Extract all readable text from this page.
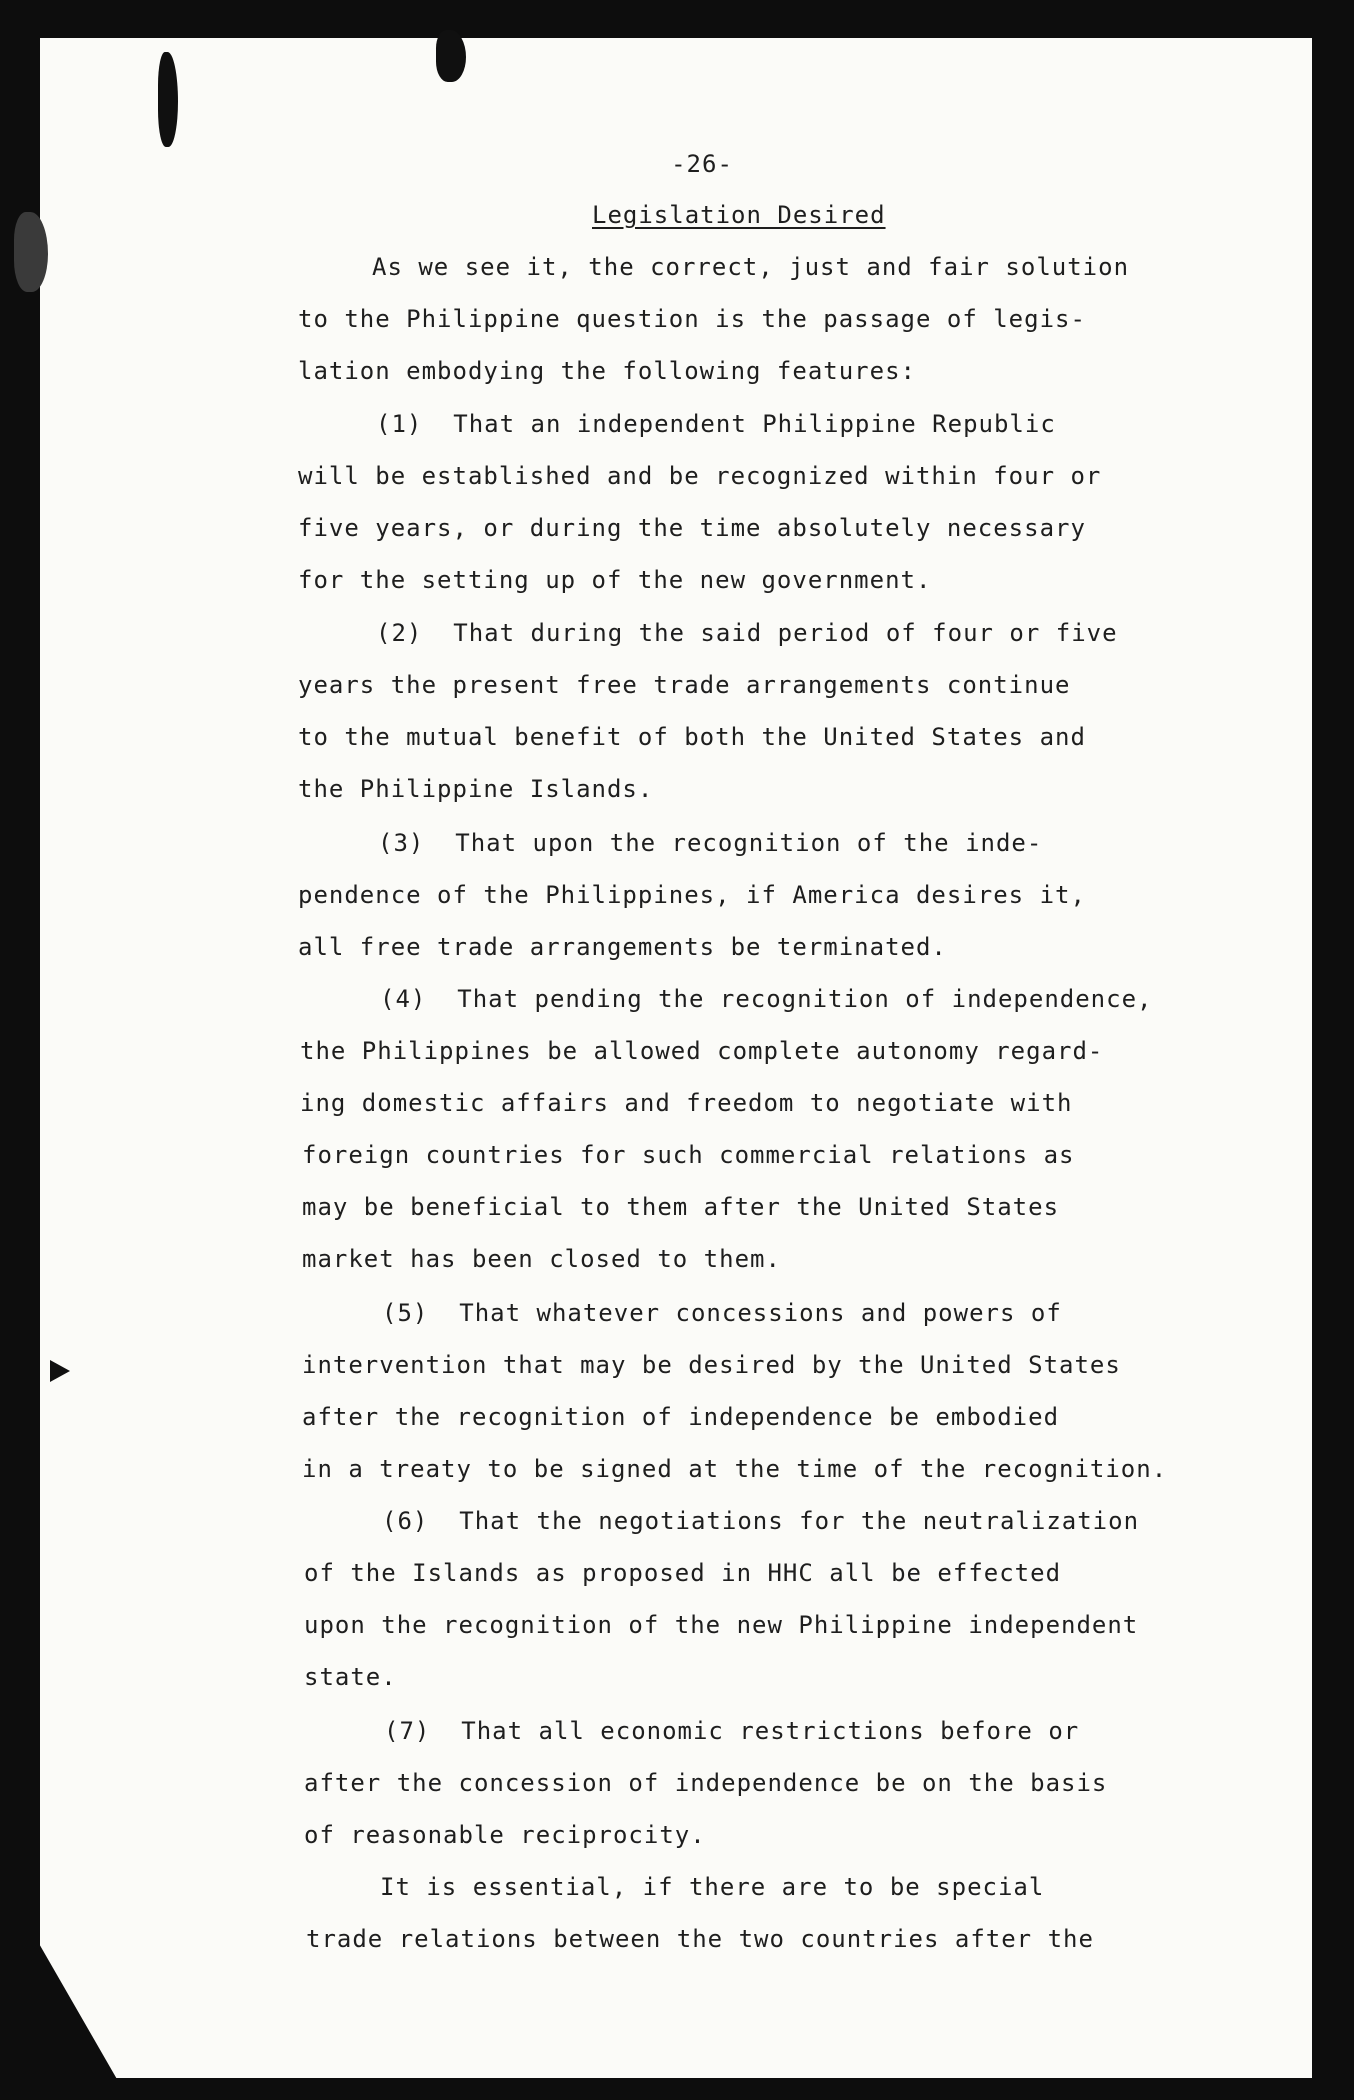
-26-
Legislation Desired

As we see it, the correct, just and fair solution

to the Philippine question is the passage of legis-

lation embodying the following features:

(1)  That an independent Philippine Republic

will be established and be recognized within four or

five years, or during the time absolutely necessary

for the setting up of the new government.

(2)  That during the said period of four or five

years the present free trade arrangements continue

to the mutual benefit of both the United States and

the Philippine Islands.

(3)  That upon the recognition of the inde-

pendence of the Philippines, if America desires it,

all free trade arrangements be terminated.

(4)  That pending the recognition of independence,

the Philippines be allowed complete autonomy regard-

ing domestic affairs and freedom to negotiate with

foreign countries for such commercial relations as

may be beneficial to them after the United States

market has been closed to them.

(5)  That whatever concessions and powers of

intervention that may be desired by the United States

after the recognition of independence be embodied

in a treaty to be signed at the time of the recognition.

(6)  That the negotiations for the neutralization

of the Islands as proposed in HHC all be effected

upon the recognition of the new Philippine independent

state.

(7)  That all economic restrictions before or

after the concession of independence be on the basis

of reasonable reciprocity.

It is essential, if there are to be special

trade relations between the two countries after the
